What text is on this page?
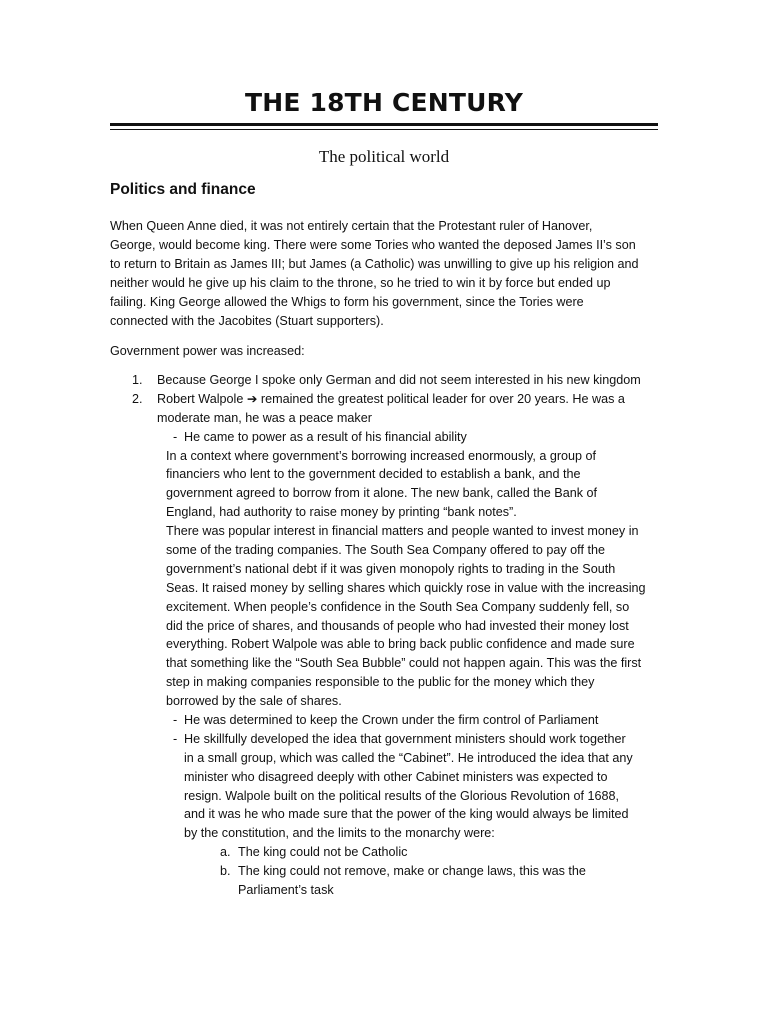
THE 18TH CENTURY
The political world
Politics and finance
When Queen Anne died, it was not entirely certain that the Protestant ruler of Hanover,
George, would become king. There were some Tories who wanted the deposed James II’s son
to return to Britain as James III; but James (a Catholic) was unwilling to give up his religion and
neither would he give up his claim to the throne, so he tried to win it by force but ended up
failing. King George allowed the Whigs to form his government, since the Tories were
connected with the Jacobites (Stuart supporters).
Government power was increased:
1. Because George I spoke only German and did not seem interested in his new kingdom
2. Robert Walpole ➔ remained the greatest political leader for over 20 years. He was a
moderate man, he was a peace maker
- He came to power as a result of his financial ability
In a context where government’s borrowing increased enormously, a group of
financiers who lent to the government decided to establish a bank, and the
government agreed to borrow from it alone. The new bank, called the Bank of
England, had authority to raise money by printing “bank notes”.
There was popular interest in financial matters and people wanted to invest money in
some of the trading companies. The South Sea Company offered to pay off the
government’s national debt if it was given monopoly rights to trading in the South
Seas. It raised money by selling shares which quickly rose in value with the increasing
excitement. When people’s confidence in the South Sea Company suddenly fell, so
did the price of shares, and thousands of people who had invested their money lost
everything. Robert Walpole was able to bring back public confidence and made sure
that something like the “South Sea Bubble” could not happen again. This was the first
step in making companies responsible to the public for the money which they
borrowed by the sale of shares.
- He was determined to keep the Crown under the firm control of Parliament
- He skillfully developed the idea that government ministers should work together
in a small group, which was called the “Cabinet”. He introduced the idea that any
minister who disagreed deeply with other Cabinet ministers was expected to
resign. Walpole built on the political results of the Glorious Revolution of 1688,
and it was he who made sure that the power of the king would always be limited
by the constitution, and the limits to the monarchy were:
a. The king could not be Catholic
b. The king could not remove, make or change laws, this was the
Parliament’s task
